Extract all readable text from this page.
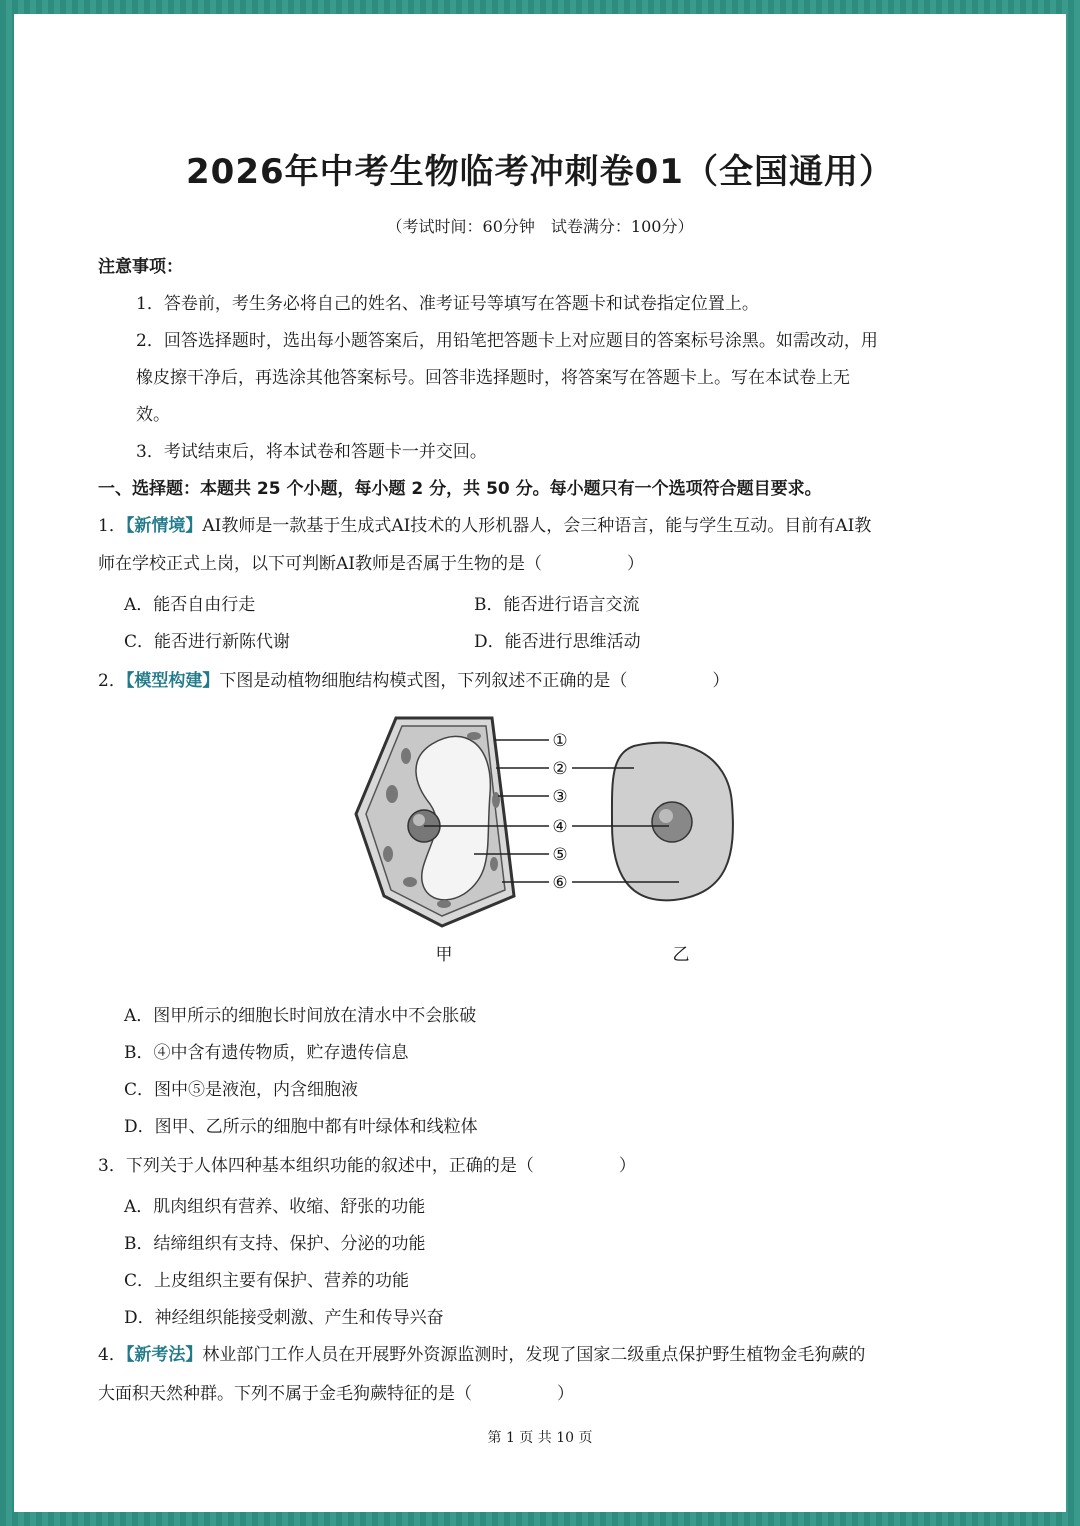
2026年中考生物临考冲刺卷01（全国通用）
（考试时间：60分钟　试卷满分：100分）
注意事项：
1．答卷前，考生务必将自己的姓名、准考证号等填写在答题卡和试卷指定位置上。
2．回答选择题时，选出每小题答案后，用铅笔把答题卡上对应题目的答案标号涂黑。如需改动，用
橡皮擦干净后，再选涂其他答案标号。回答非选择题时，将答案写在答题卡上。写在本试卷上无
效。
3．考试结束后，将本试卷和答题卡一并交回。
一、选择题：本题共 25 个小题，每小题 2 分，共 50 分。每小题只有一个选项符合题目要求。
1．【新情境】AI教师是一款基于生成式AI技术的人形机器人，会三种语言，能与学生互动。目前有AI教
师在学校正式上岗，以下可判断AI教师是否属于生物的是（　　　　　）
A．能否自由行走	B．能否进行语言交流
C．能否进行新陈代谢	D．能否进行思维活动
2．【模型构建】下图是动植物细胞结构模式图，下列叙述不正确的是（　　　　　）
①
②
③
④
⑤
⑥
甲	乙
A．图甲所示的细胞长时间放在清水中不会胀破
B．④中含有遗传物质，贮存遗传信息
C．图中⑤是液泡，内含细胞液
D．图甲、乙所示的细胞中都有叶绿体和线粒体
3．下列关于人体四种基本组织功能的叙述中，正确的是（　　　　　）
A．肌肉组织有营养、收缩、舒张的功能
B．结缔组织有支持、保护、分泌的功能
C．上皮组织主要有保护、营养的功能
D．神经组织能接受刺激、产生和传导兴奋
4．【新考法】林业部门工作人员在开展野外资源监测时，发现了国家二级重点保护野生植物金毛狗蕨的
大面积天然种群。下列不属于金毛狗蕨特征的是（　　　　　）
第 1 页 共 10 页
